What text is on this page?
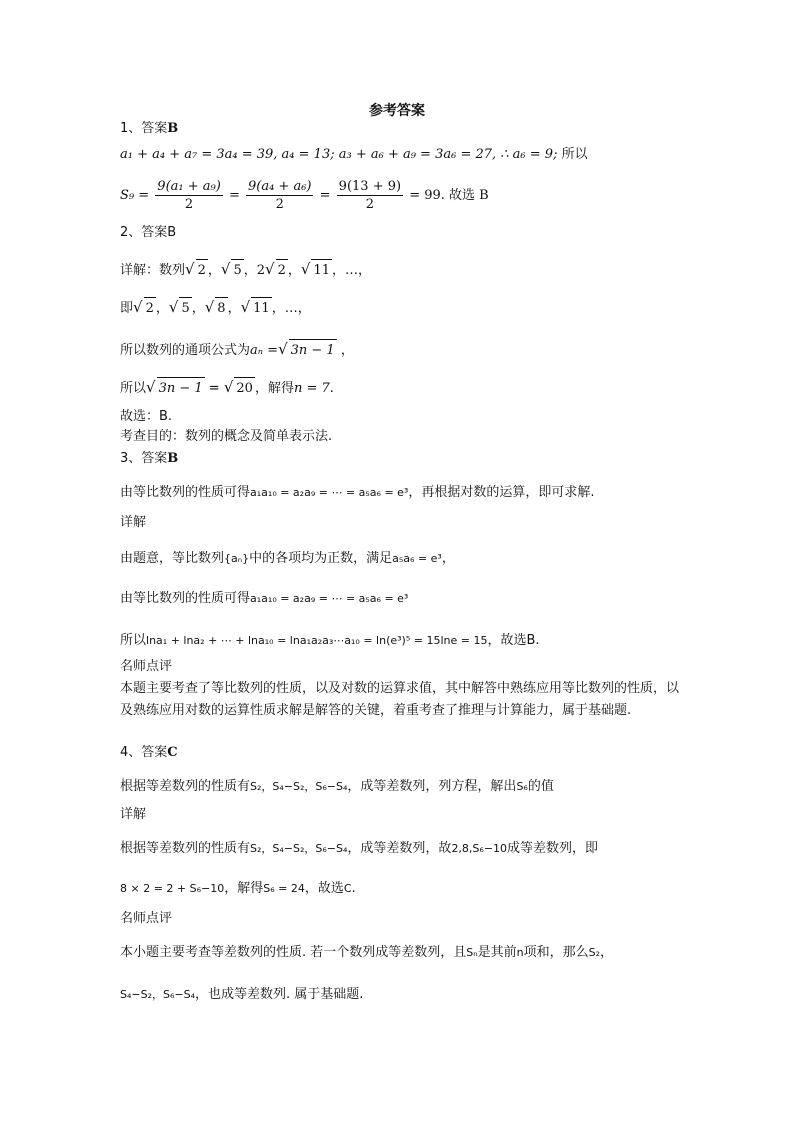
参考答案
1、答案B
a₁ + a₄ + a₇ = 3a₄ = 39, a₄ = 13; a₃ + a₆ + a₉ = 3a₆ = 27, ∴ a₆ = 9; 所以
$S_9 = \frac{\text{9(a₁ + a₉)}}{2} = \frac{\text{9(a₄ + a₆)}}{2} = \frac{9(13 + 9)}{2} = 99$. 故选 B
2、答案B
详解：数列√ 2 ，√ 5 ，2√ 2 ，√ 11 ，…，
即√ 2 ，√ 5 ，√ 8 ，√ 11 ，…，
所以数列的通项公式为aₙ =√ 3n − 1 ，
所以√ 3n − 1 = √ 20 ，解得n = 7.
故选：B.
考查目的：数列的概念及简单表示法.
3、答案B
由等比数列的性质可得a₁a₁₀ = a₂a₉ = ⋯ = a₅a₆ = e³，再根据对数的运算，即可求解.
详解
由题意，等比数列{aₙ}中的各项均为正数，满足a₅a₆ = e³，
由等比数列的性质可得a₁a₁₀ = a₂a₉ = ⋯ = a₅a₆ = e³
所以lna₁ + lna₂ + ⋯ + lna₁₀ = lna₁a₂a₃⋯a₁₀ = ln(e³)⁵ = 15lne = 15，故选B.
名师点评
本题主要考查了等比数列的性质，以及对数的运算求值，其中解答中熟练应用等比数列的性质，以及熟练应用对数的运算性质求解是解答的关键，着重考查了推理与计算能力，属于基础题.
4、答案C
根据等差数列的性质有S₂，S₄−S₂，S₆−S₄，成等差数列，列方程，解出S₆的值
详解
根据等差数列的性质有S₂，S₄−S₂，S₆−S₄，成等差数列，故2,8,S₆−10成等差数列，即
8 × 2 = 2 + S₆−10，解得S₆ = 24，故选C.
名师点评
本小题主要考查等差数列的性质. 若一个数列成等差数列，且Sₙ是其前n项和，那么S₂，
S₄−S₂，S₆−S₄，也成等差数列. 属于基础题.
